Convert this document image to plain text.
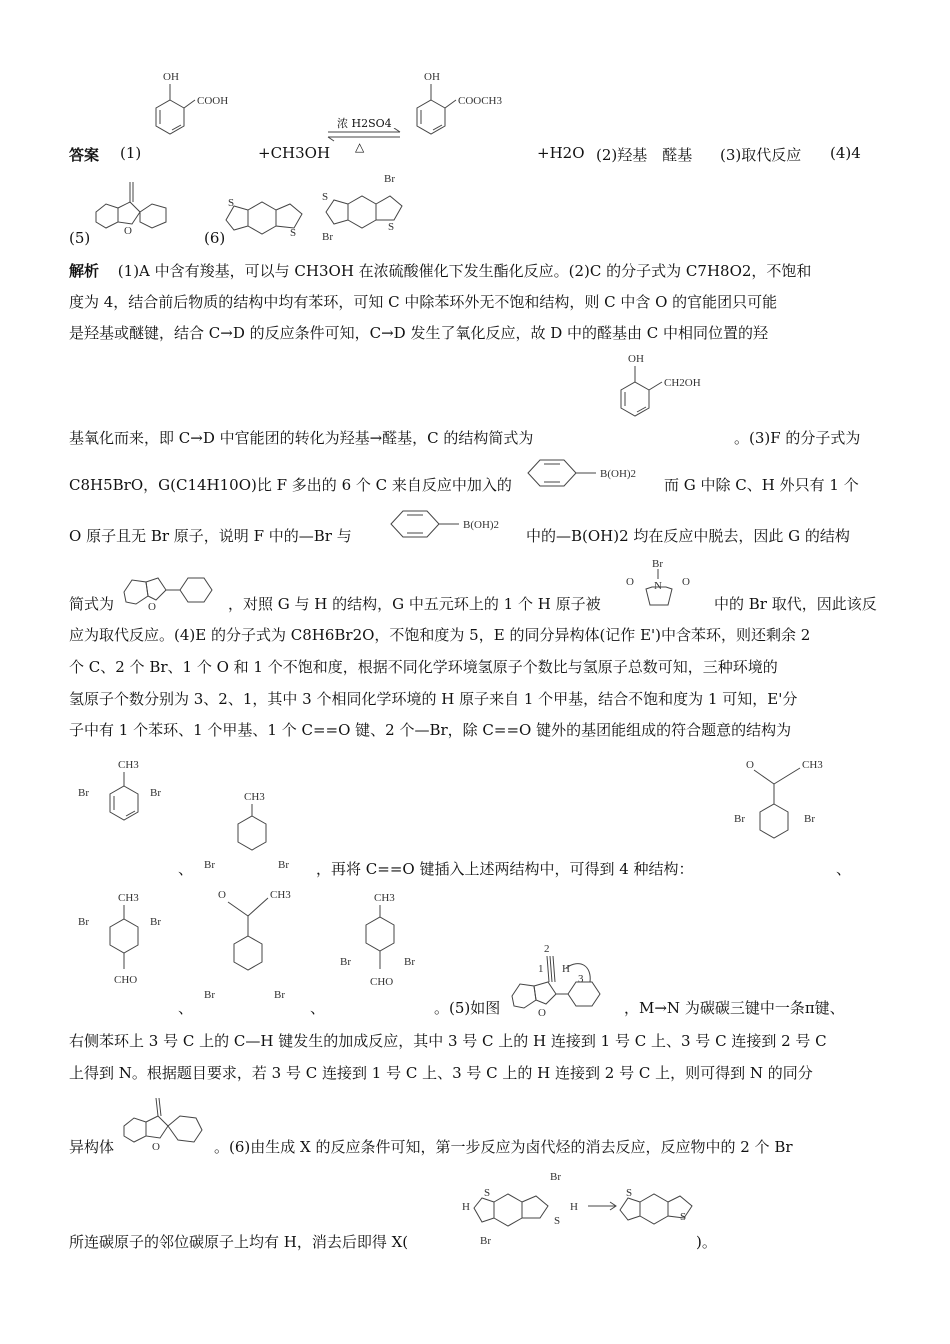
答案 (1)
OH
COOH
+CH3OH
浓 H2SO4
△
OH
COOCH3
+H2O (2)羟基　醛基 (3)取代反应 (4)4
(5)	O	(6)
S
S
S
S
Br
Br
解析 (1)A 中含有羧基，可以与 CH3OH 在浓硫酸催化下发生酯化反应。(2)C 的分子式为 C7H8O2，不饱和
度为 4，结合前后物质的结构中均有苯环，可知 C 中除苯环外无不饱和结构，则 C 中含 O 的官能团只可能
是羟基或醚键，结合 C→D 的反应条件可知，C→D 发生了氧化反应，故 D 中的醛基由 C 中相同位置的羟
基氧化而来，即 C→D 中官能团的转化为羟基→醛基，C 的结构简式为
OH
CH2OH
。(3)F 的分子式为
C8H5BrO，G(C14H10O)比 F 多出的 6 个 C 来自反应中加入的
B(OH)2
而 G 中除 C、H 外只有 1 个
O 原子且无 Br 原子，说明 F 中的—Br 与
B(OH)2
中的—B(OH)2 均在反应中脱去，因此 G 的结构
简式为	O	，对照 G 与 H 的结构，G 中五元环上的 1 个 H 原子被
Br
N
O	O
中的 Br 取代，因此该反
应为取代反应。(4)E 的分子式为 C8H6Br2O，不饱和度为 5，E 的同分异构体(记作 E')中含苯环，则还剩余 2
个 C、2 个 Br、1 个 O 和 1 个不饱和度，根据不同化学环境氢原子个数比与氢原子总数可知，三种环境的
氢原子个数分别为 3、2、1，其中 3 个相同化学环境的 H 原子来自 1 个甲基，结合不饱和度为 1 可知，E'分
子中有 1 个苯环、1 个甲基、1 个 C==O 键、2 个—Br，除 C==O 键外的基团能组成的符合题意的结构为
CH3
Br	Br
、
CH3
Br	Br ，再将 C==O 键插入上述两结构中，可得到 4 种结构：
O	CH3
Br	Br
、
CH3
Br	Br
CHO
、
O	CH3
Br	Br
、
CH3
Br	Br
CHO
。(5)如图
2
1 H
3
O	，M→N 为碳碳三键中一条π键、
右侧苯环上 3 号 C 上的 C—H 键发生的加成反应，其中 3 号 C 上的 H 连接到 1 号 C 上、3 号 C 连接到 2 号 C
上得到 N。根据题目要求，若 3 号 C 连接到 1 号 C 上、3 号 C 上的 H 连接到 2 号 C 上，则可得到 N 的同分
异构体	O	。(6)由生成 X 的反应条件可知，第一步反应为卤代烃的消去反应，反应物中的 2 个 Br
所连碳原子的邻位碳原子上均有 H，消去后即得 X(
H
S
Br
Br
S
H
S
S
)。
